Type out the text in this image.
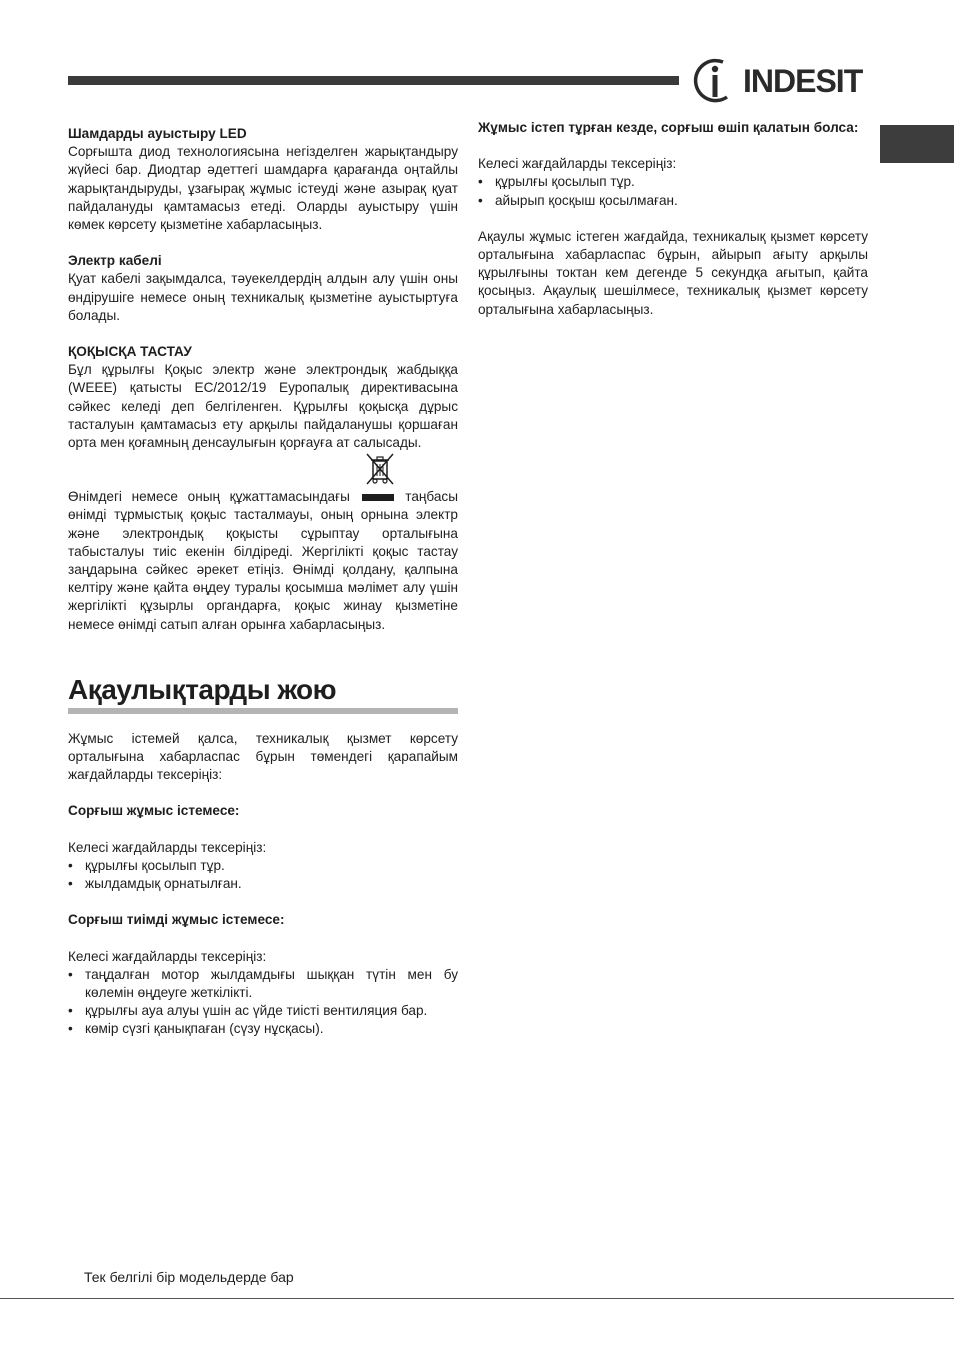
INDESIT

Шамдарды ауыстыру LED

Сорғышта диод технологиясына негізделген жарықтандыру жүйесі бар. Диодтар әдеттегі шамдарға қарағанда оңтайлы жарықтандыруды, ұзағырақ жұмыс істеуді және азырақ қуат пайдалануды қамтамасыз етеді. Оларды ауыстыру үшін көмек көрсету қызметіне хабарласыңыз.

Электр кабелі

Қуат кабелі зақымдалса, тәуекелдердің алдын алу үшін оны өндірушіге немесе оның техникалық қызметіне ауыстыртуға болады.

ҚОҚЫСҚА ТАСТАУ

Бұл құрылғы Қоқыс электр және электрондық жабдыққа (WEEE) қатысты ЕС/2012/19 Еуропалық директивасына сәйкес келеді деп белгіленген. Құрылғы қоқысқа дұрыс тасталуын қамтамасыз ету арқылы пайдаланушы қоршаған орта мен қоғамның денсаулығын қорғауға ат салысады.

Өнімдегі немесе оның құжаттамасындағы	таңбасы өнімді тұрмыстық қоқыс тасталмауы, оның орнына электр және электрондық қоқысты сұрыптау орталығына табысталуы тиіс екенін білдіреді. Жергілікті қоқыс тастау заңдарына сәйкес әрекет етіңіз. Өнімді қолдану, қалпына келтіру және қайта өңдеу туралы қосымша мәлімет алу үшін жергілікті құзырлы органдарға, қоқыс жинау қызметіне немесе өнімді сатып алған орынға хабарласыңыз.

Ақаулықтарды жою

Жұмыс істемей қалса, техникалық қызмет көрсету орталығына хабарласпас бұрын төмендегі қарапайым жағдайларды тексеріңіз:

Сорғыш жұмыс істемесе:

Келесі жағдайларды тексеріңіз:

• құрылғы қосылып тұр.
• жылдамдық орнатылған.

Сорғыш тиімді жұмыс істемесе:

Келесі жағдайларды тексеріңіз:

• таңдалған мотор жылдамдығы шыққан түтін мен бу көлемін өңдеуге жеткілікті.
• құрылғы ауа алуы үшін ас үйде тиісті вентиляция бар.
• көмір сүзгі қанықпаған (сүзу нұсқасы).

Жұмыс істеп тұрған кезде, сорғыш өшіп қалатын болса:

Келесі жағдайларды тексеріңіз:

• құрылғы қосылып тұр.
• айырып қосқыш қосылмаған.

Ақаулы жұмыс істеген жағдайда, техникалық қызмет көрсету орталығына хабарласпас бұрын, айырып ағыту арқылы құрылғыны токтан кем дегенде 5 секундқа ағытып, қайта қосыңыз. Ақаулық шешілмесе, техникалық қызмет көрсету орталығына хабарласыңыз.

Тек белгілі бір модельдерде бар
